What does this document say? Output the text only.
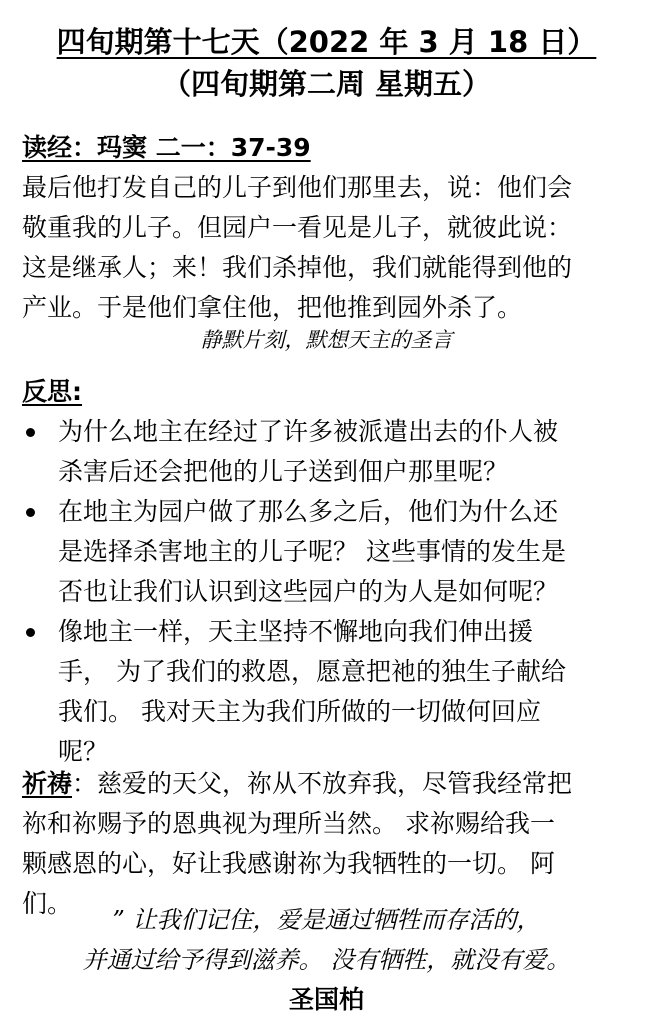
四旬期第十七天（2022 年 3 月 18 日）
（四旬期第二周 星期五）
读经：玛窦 二一：37-39
最后他打发自己的儿子到他们那里去，说：他们会
敬重我的儿子。但园户一看见是儿子，就彼此说：
这是继承人；来！我们杀掉他，我们就能得到他的
产业。于是他们拿住他，把他推到园外杀了。
静默片刻，默想天主的圣言
反思:
为什么地主在经过了许多被派遣出去的仆人被
杀害后还会把他的儿子送到佃户那里呢？
在地主为园户做了那么多之后，他们为什么还
是选择杀害地主的儿子呢？ 这些事情的发生是
否也让我们认识到这些园户的为人是如何呢？
像地主一样，天主坚持不懈地向我们伸出援
手， 为了我们的救恩，愿意把祂的独生子献给
我们。 我对天主为我们所做的一切做何回应
呢？
祈祷：慈爱的天父，祢从不放弃我，尽管我经常把
祢和祢赐予的恩典视为理所当然。 求祢赐给我一
颗感恩的心，好让我感谢祢为我牺牲的一切。 阿
们。
” 让我们记住，爱是通过牺牲而存活的，
并通过给予得到滋养。 没有牺牲，就没有爱。
圣国柏
